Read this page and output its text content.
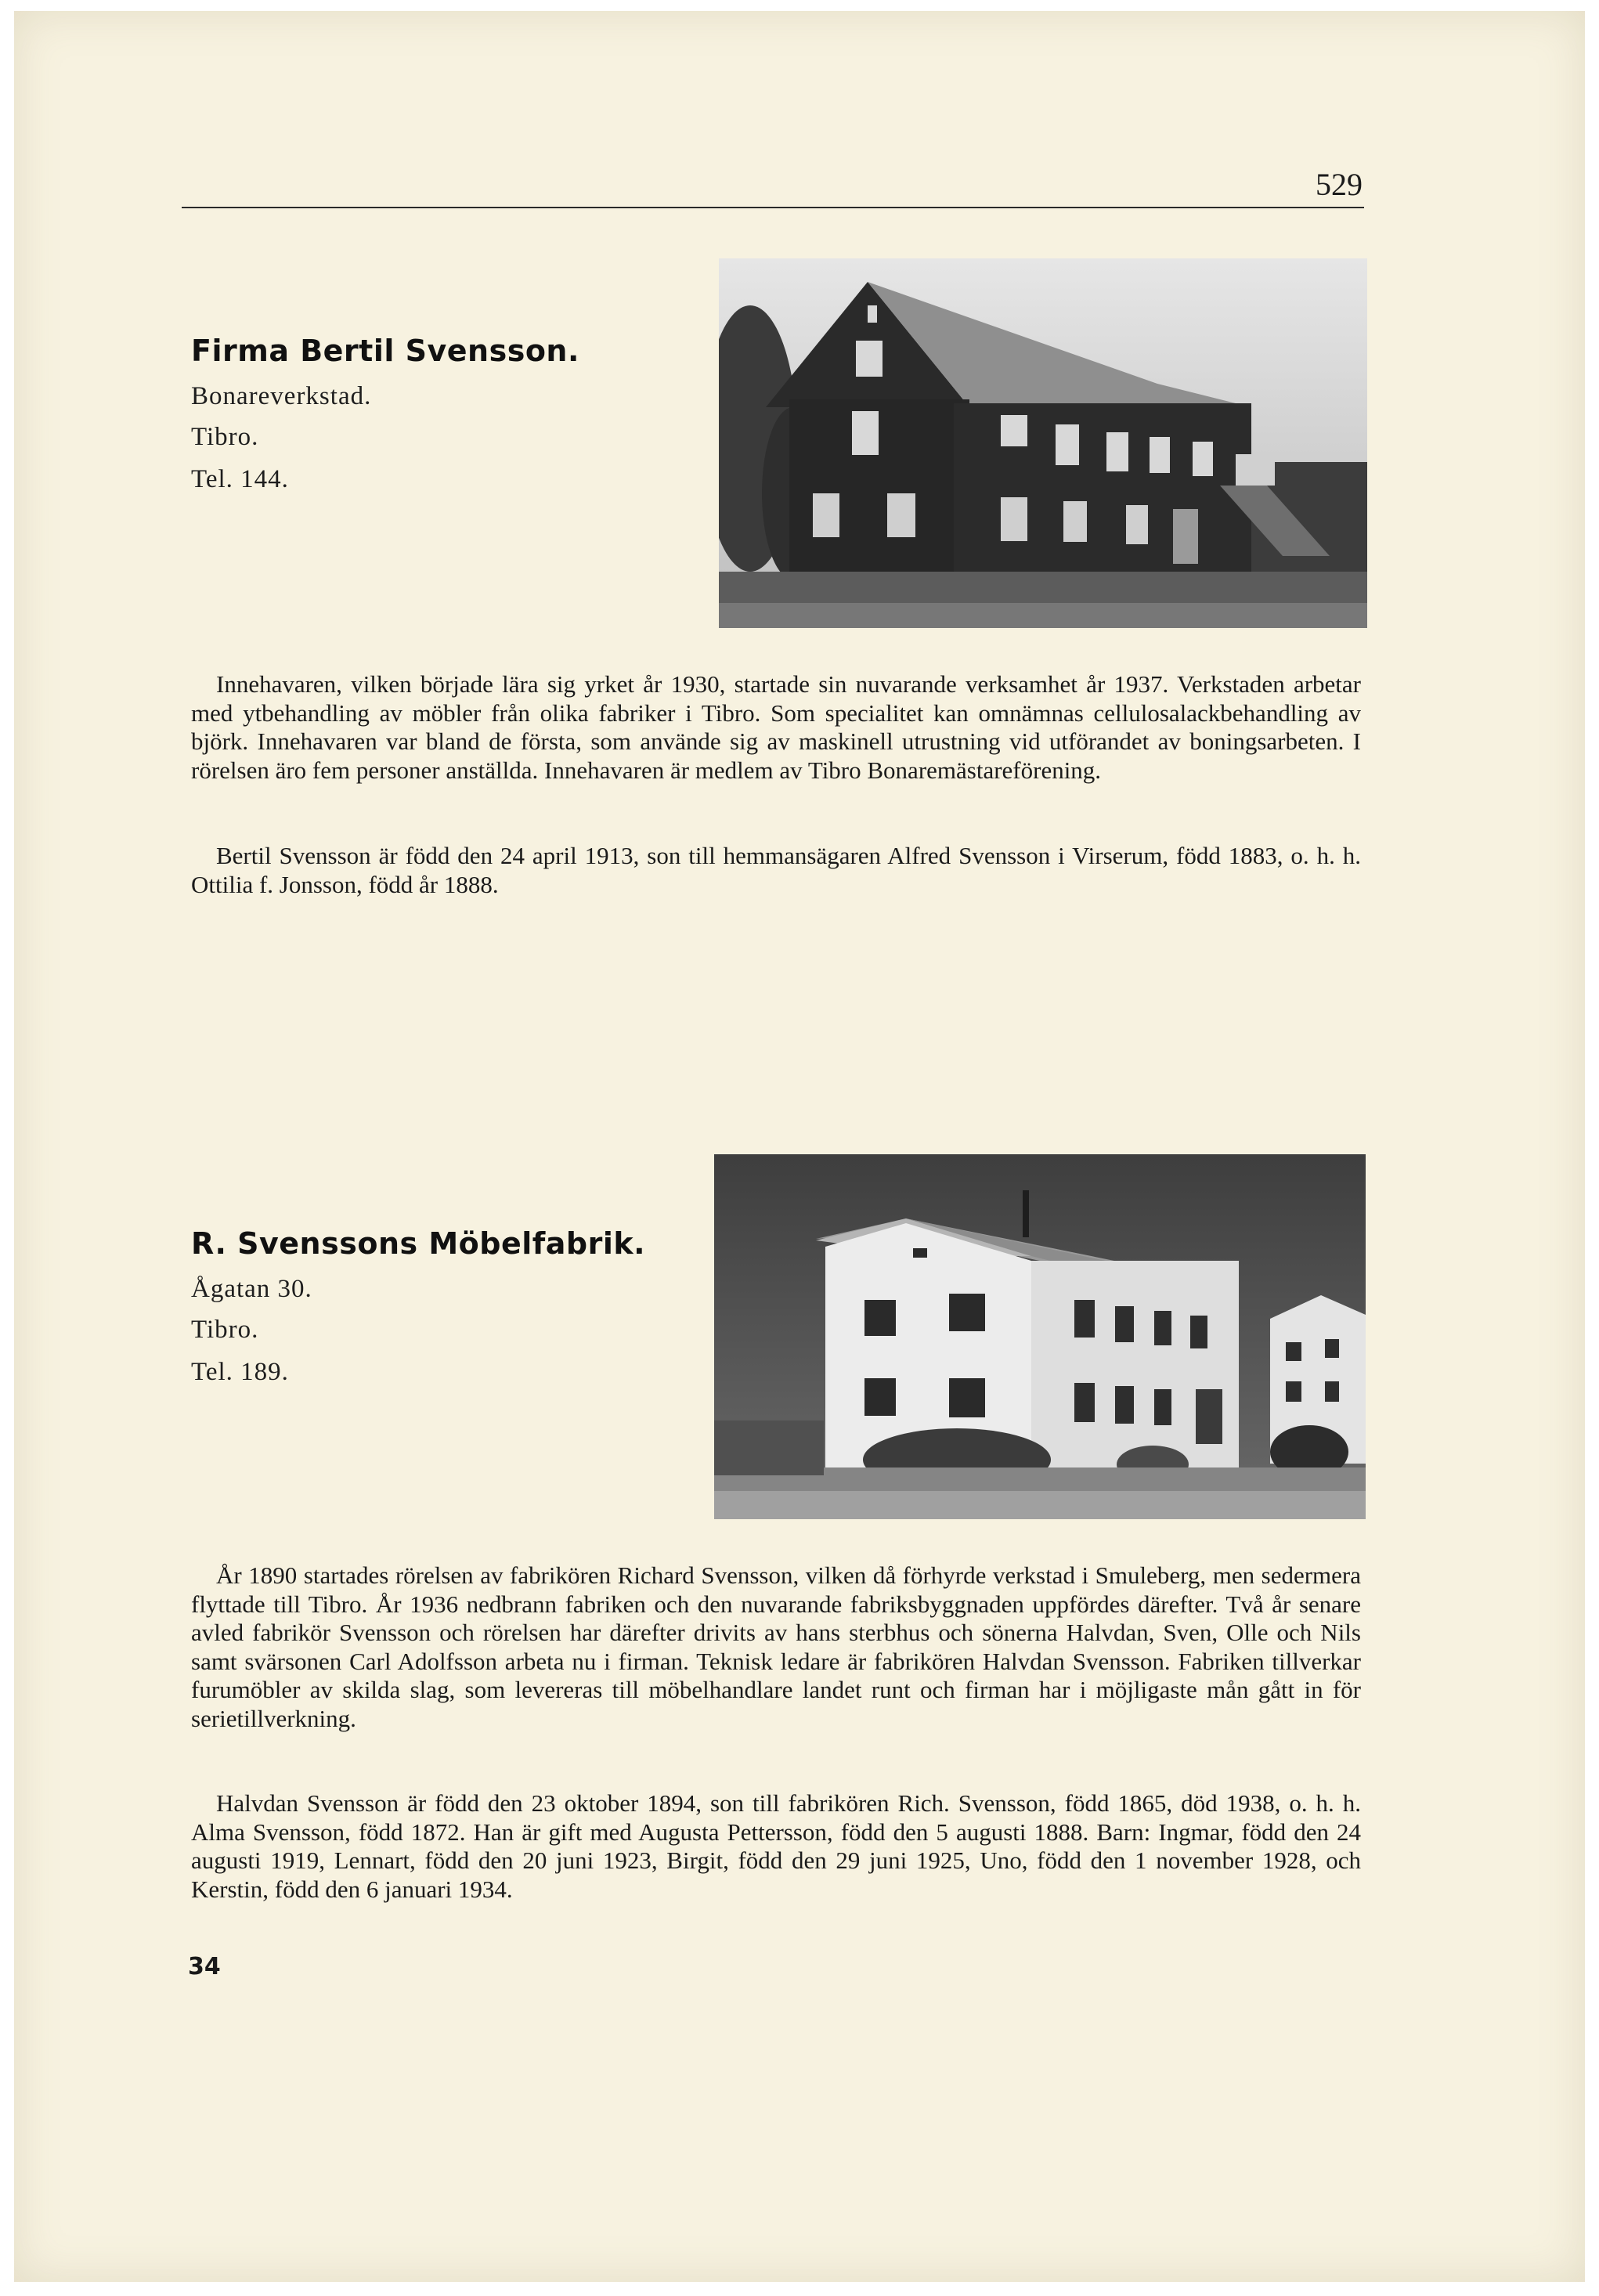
529
Firma Bertil Svensson.
Bonareverkstad.
Tibro.
Tel. 144.

Innehavaren, vilken började lära sig yrket år 1930, startade sin nuvarande verksamhet år 1937. Verkstaden arbetar med ytbehandling av möbler från olika fabriker i Tibro. Som specialitet kan omnämnas cellulosalackbehandling av björk. Innehavaren var bland de första, som använde sig av maskinell utrustning vid utförandet av boningsarbeten. I rörelsen äro fem personer anställda. Innehavaren är medlem av Tibro Bonaremästareförening.

Bertil Svensson är född den 24 april 1913, son till hemmansägaren Alfred Svensson i Virserum, född 1883, o. h. h. Ottilia f. Jonsson, född år 1888.

R. Svenssons Möbelfabrik.
Ågatan 30.
Tibro.
Tel. 189.

År 1890 startades rörelsen av fabrikören Richard Svensson, vilken då förhyrde verkstad i Smuleberg, men sedermera flyttade till Tibro. År 1936 nedbrann fabriken och den nuvarande fabriksbyggnaden uppfördes därefter. Två år senare avled fabrikör Svensson och rörelsen har därefter drivits av hans sterbhus och sönerna Halvdan, Sven, Olle och Nils samt svärsonen Carl Adolfsson arbeta nu i firman. Teknisk ledare är fabrikören Halvdan Svensson. Fabriken tillverkar furumöbler av skilda slag, som levereras till möbelhandlare landet runt och firman har i möjligaste mån gått in för serietillverkning.

Halvdan Svensson är född den 23 oktober 1894, son till fabrikören Rich. Svensson, född 1865, död 1938, o. h. h. Alma Svensson, född 1872. Han är gift med Augusta Pettersson, född den 5 augusti 1888. Barn: Ingmar, född den 24 augusti 1919, Lennart, född den 20 juni 1923, Birgit, född den 29 juni 1925, Uno, född den 1 november 1928, och Kerstin, född den 6 januari 1934.

34
